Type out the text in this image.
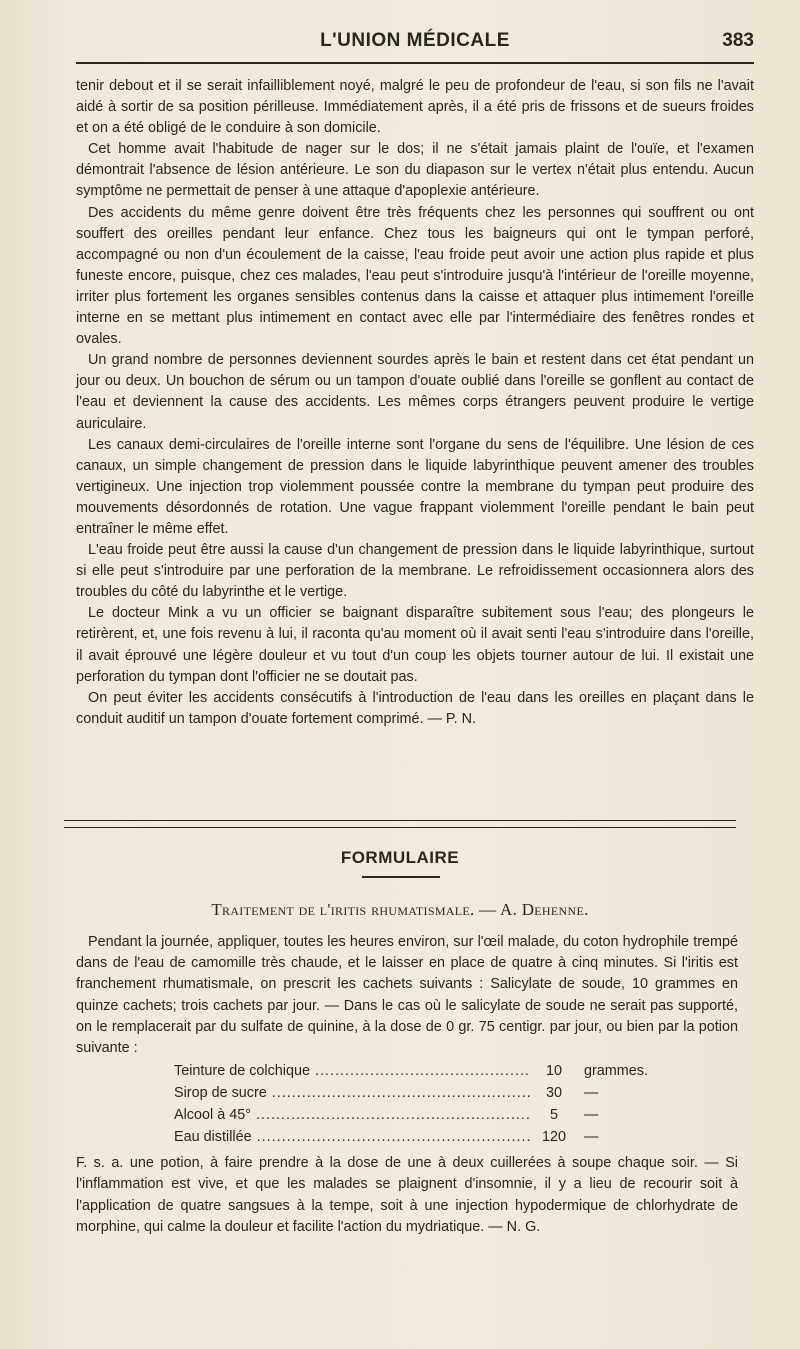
L'UNION MÉDICALE	383

tenir debout et il se serait infailliblement noyé, malgré le peu de profondeur de l'eau, si son fils ne l'avait aidé à sortir de sa position périlleuse. Immédiatement après, il a été pris de frissons et de sueurs froides et on a été obligé de le conduire à son domicile.

Cet homme avait l'habitude de nager sur le dos; il ne s'était jamais plaint de l'ouïe, et l'examen démontrait l'absence de lésion antérieure. Le son du diapason sur le vertex n'était plus entendu. Aucun symptôme ne permettait de penser à une attaque d'apoplexie antérieure.

Des accidents du même genre doivent être très fréquents chez les personnes qui souffrent ou ont souffert des oreilles pendant leur enfance. Chez tous les baigneurs qui ont le tympan perforé, accompagné ou non d'un écoulement de la caisse, l'eau froide peut avoir une action plus rapide et plus funeste encore, puisque, chez ces malades, l'eau peut s'introduire jusqu'à l'intérieur de l'oreille moyenne, irriter plus fortement les organes sensibles contenus dans la caisse et attaquer plus intimement l'oreille interne en se mettant plus intimement en contact avec elle par l'intermédiaire des fenêtres rondes et ovales.

Un grand nombre de personnes deviennent sourdes après le bain et restent dans cet état pendant un jour ou deux. Un bouchon de sérum ou un tampon d'ouate oublié dans l'oreille se gonflent au contact de l'eau et deviennent la cause des accidents. Les mêmes corps étrangers peuvent produire le vertige auriculaire.

Les canaux demi-circulaires de l'oreille interne sont l'organe du sens de l'équilibre. Une lésion de ces canaux, un simple changement de pression dans le liquide labyrinthique peuvent amener des troubles vertigineux. Une injection trop violemment poussée contre la membrane du tympan peut produire des mouvements désordonnés de rotation. Une vague frappant violemment l'oreille pendant le bain peut entraîner le même effet.

L'eau froide peut être aussi la cause d'un changement de pression dans le liquide labyrinthique, surtout si elle peut s'introduire par une perforation de la membrane. Le refroidissement occasionnera alors des troubles du côté du labyrinthe et le vertige.

Le docteur Mink a vu un officier se baignant disparaître subitement sous l'eau; des plongeurs le retirèrent, et, une fois revenu à lui, il raconta qu'au moment où il avait senti l'eau s'introduire dans l'oreille, il avait éprouvé une légère douleur et vu tout d'un coup les objets tourner autour de lui. Il existait une perforation du tympan dont l'officier ne se doutait pas.

On peut éviter les accidents consécutifs à l'introduction de l'eau dans les oreilles en plaçant dans le conduit auditif un tampon d'ouate fortement comprimé. — P. N.

FORMULAIRE
Traitement de l'iritis rhumatismale. — A. Dehenne.

Pendant la journée, appliquer, toutes les heures environ, sur l'œil malade, du coton hydrophile trempé dans de l'eau de camomille très chaude, et le laisser en place de quatre à cinq minutes. Si l'iritis est franchement rhumatismale, on prescrit les cachets suivants : Salicylate de soude, 10 grammes en quinze cachets; trois cachets par jour. — Dans le cas où le salicylate de soude ne serait pas supporté, on le remplacerait par du sulfate de quinine, à la dose de 0 gr. 75 centigr. par jour, ou bien par la potion suivante :

Teinture de colchique .....	10	grammes.
Sirop de sucre .....	30	—
Alcool à 45° .....	5	—
Eau distillée .....	120	—

F. s. a. une potion, à faire prendre à la dose de une à deux cuillerées à soupe chaque soir. — Si l'inflammation est vive, et que les malades se plaignent d'insomnie, il y a lieu de recourir soit à l'application de quatre sangsues à la tempe, soit à une injection hypodermique de chlorhydrate de morphine, qui calme la douleur et facilite l'action du mydriatique. — N. G.
